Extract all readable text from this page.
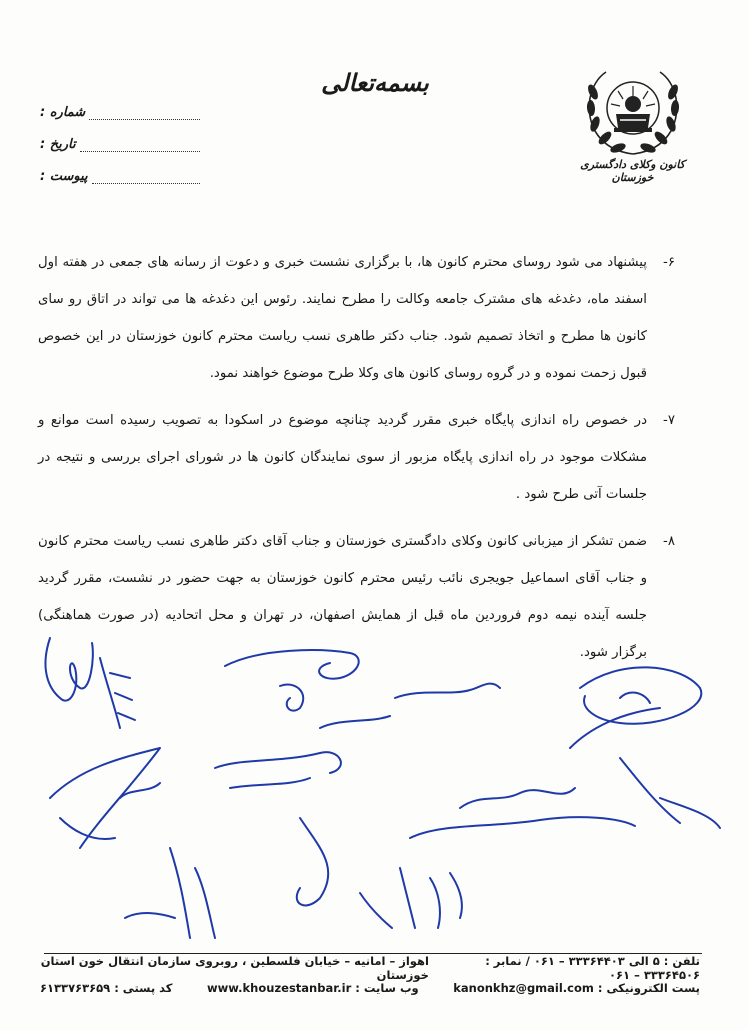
بسمه‌تعالی
شماره :
تاریخ :
پیوست :
کانون وکلای دادگستری خوزستان
۶-
پیشنهاد می شود روسای محترم کانون ها، با برگزاری نشست خبری و دعوت از رسانه های جمعی در هفته اول اسفند ماه، دغدغه های مشترک جامعه وکالت را مطرح نمایند. رئوس این دغدغه ها می تواند در اتاق رو سای کانون ها مطرح و اتخاذ تصمیم شود. جناب دکتر طاهری نسب ریاست محترم کانون خوزستان در این خصوص قبول زحمت نموده و در گروه روسای کانون های وکلا طرح موضوع خواهند نمود.
۷-
در خصوص راه اندازی پایگاه خبری مقرر گردید چنانچه موضوع در اسکودا به تصویب رسیده است موانع و مشکلات موجود در راه اندازی پایگاه مزبور از سوی نمایندگان کانون ها در شورای اجرای بررسی و نتیجه در جلسات آتی طرح شود .
۸-
ضمن تشکر از میزبانی کانون وکلای دادگستری خوزستان و جناب آقای دکتر طاهری نسب ریاست محترم کانون و جناب آقای اسماعیل جویجری نائب رئیس محترم کانون خوزستان به جهت حضور در نشست، مقرر گردید جلسه آینده نیمه دوم فروردین ماه قبل از همایش اصفهان، در تهران و محل اتحادیه (در صورت هماهنگی) برگزار شود.
اهواز – امانیه – خیابان فلسطین ، روبروی سازمان انتقال خون استان خوزستان
تلفن : ۵ الی ۳۳۳۶۴۴۰۳ – ۰۶۱ / نمابر : ۳۳۳۶۴۵۰۶ – ۰۶۱
کد پستی : ۶۱۳۳۷۶۳۶۵۹	وب سایت : www.khouzestanbar.ir	پست الکترونیکی : kanonkhz@gmail.com
